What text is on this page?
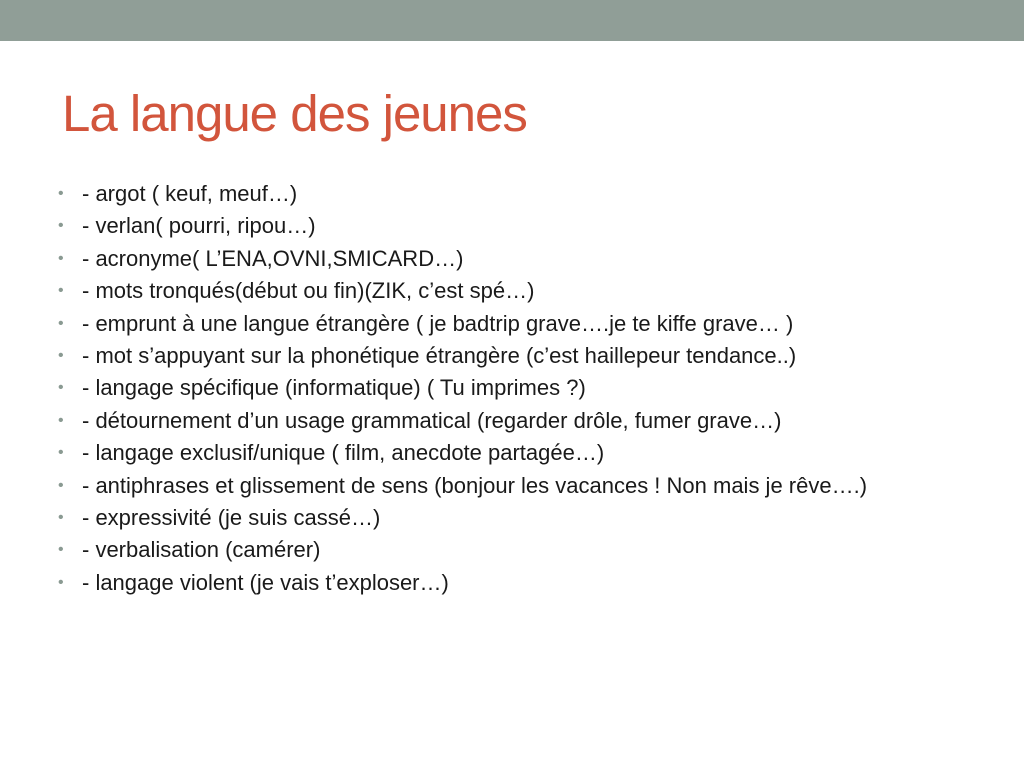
La langue des jeunes
• - argot ( keuf, meuf…)
• - verlan( pourri, ripou…)
• - acronyme( L’ENA,OVNI,SMICARD…)
• - mots tronqués(début ou fin)(ZIK, c’est spé…)
• - emprunt à une langue étrangère ( je badtrip grave….je te kiffe grave… )
• - mot s’appuyant sur la phonétique étrangère (c’est haillepeur tendance..)
• - langage spécifique (informatique) ( Tu imprimes ?)
• - détournement d’un usage grammatical (regarder drôle, fumer grave…)
• - langage exclusif/unique ( film, anecdote partagée…)
• - antiphrases et glissement de sens (bonjour les vacances ! Non mais je rêve….)
• - expressivité (je suis cassé…)
• - verbalisation (camérer)
• - langage violent (je vais t’exploser…)
